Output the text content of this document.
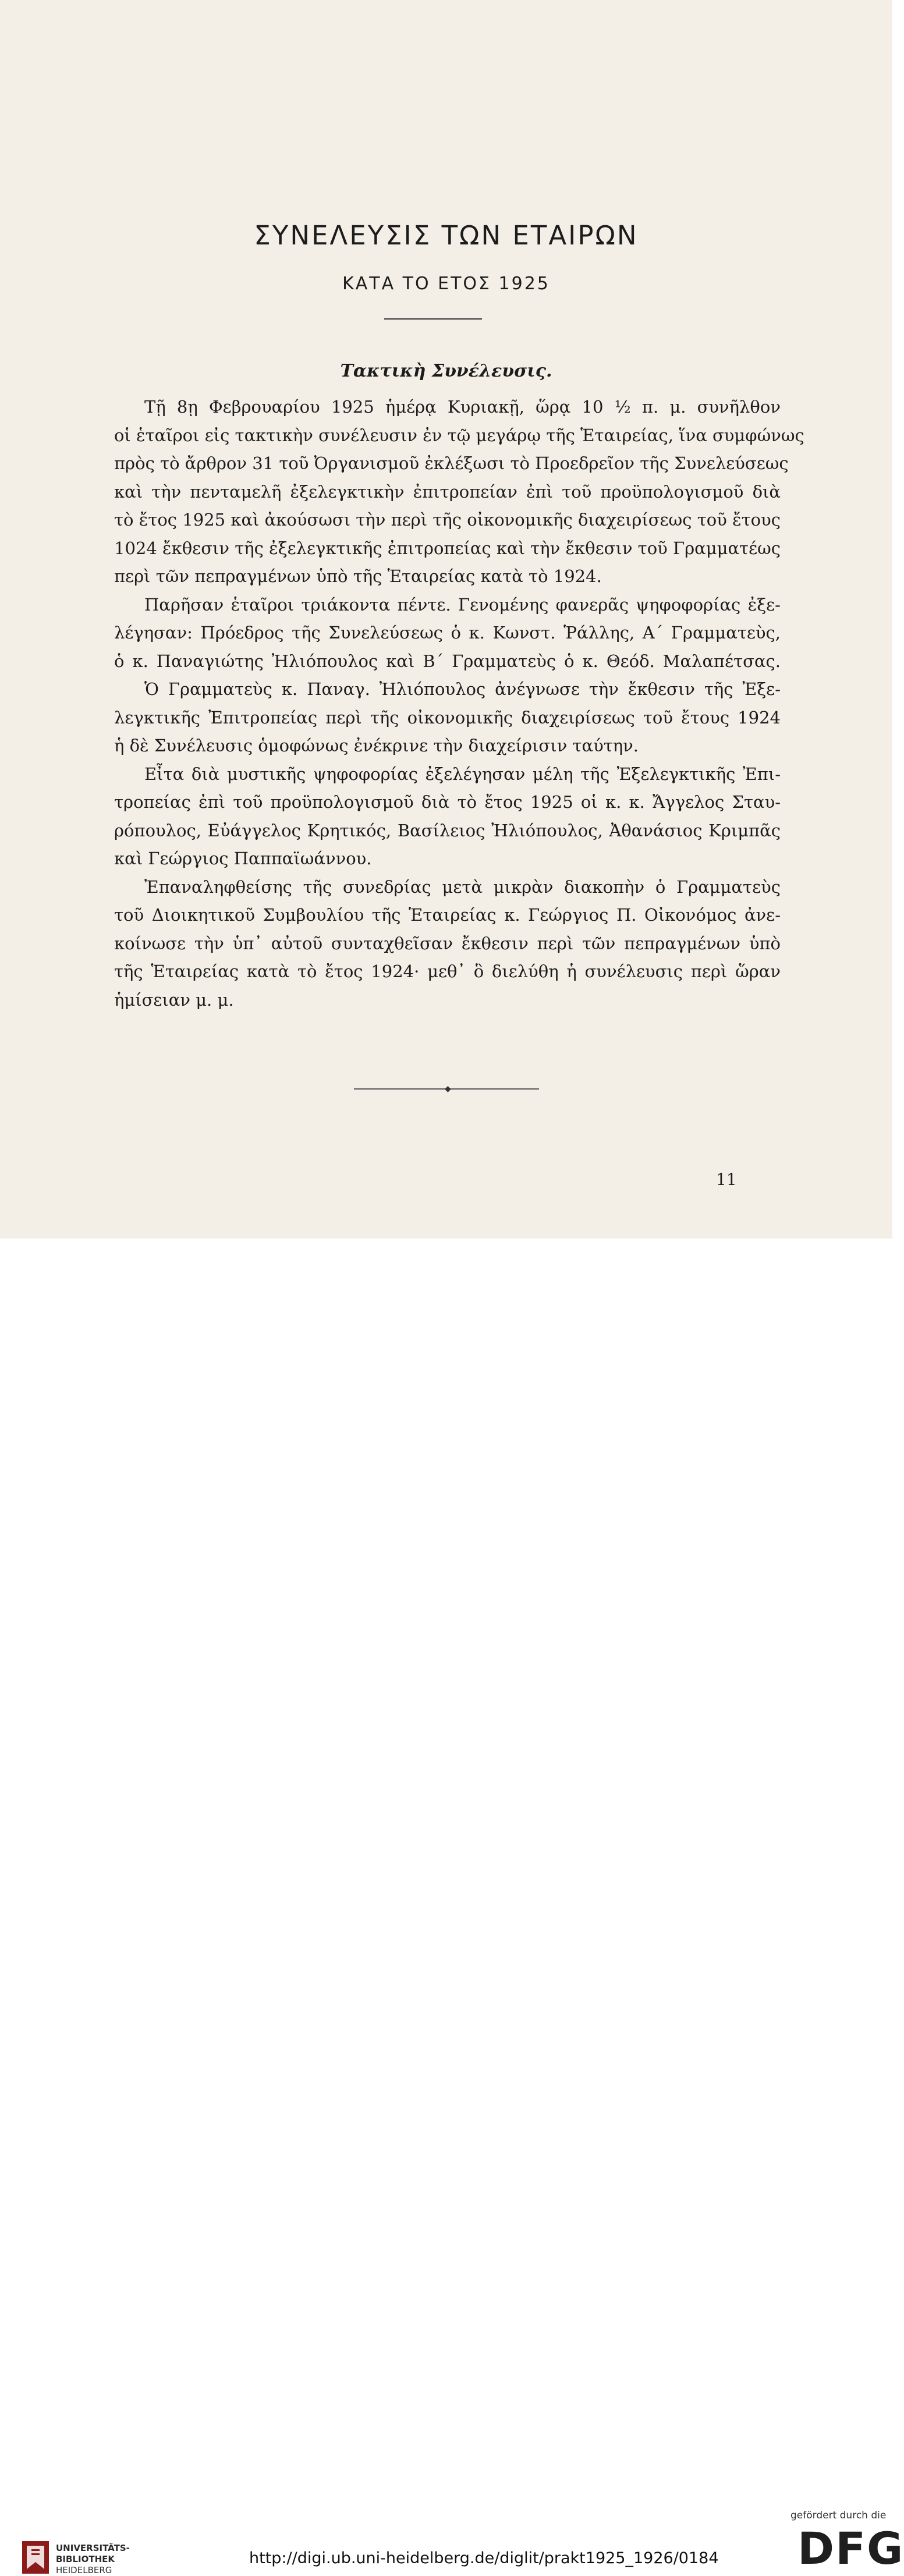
ΣΥΝΕΛΕΥΣΙΣ ΤΩΝ ΕΤΑΙΡΩΝ
ΚΑΤΑ ΤΟ ΕΤΟΣ 1925
Τακτικὴ Συνέλευσις.
Τῇ 8ῃ Φεβρουαρίου 1925 ἡμέρᾳ Κυριακῇ, ὥρᾳ 10 ½ π. μ. συνῆλθον
οἱ ἑταῖροι εἰς τακτικὴν συνέλευσιν ἐν τῷ μεγάρῳ τῆς Ἑταιρείας, ἵνα συμφώνως
πρὸς τὸ ἄρθρον 31 τοῦ Ὀργανισμοῦ ἐκλέξωσι τὸ Προεδρεῖον τῆς Συνελεύσεως
καὶ τὴν πενταμελῆ ἐξελεγκτικὴν ἐπιτροπείαν ἐπὶ τοῦ προϋπολογισμοῦ διὰ
τὸ ἔτος 1925 καὶ ἀκούσωσι τὴν περὶ τῆς οἰκονομικῆς διαχειρίσεως τοῦ ἔτους
1024 ἔκθεσιν τῆς ἐξελεγκτικῆς ἐπιτροπείας καὶ τὴν ἔκθεσιν τοῦ Γραμματέως
περὶ τῶν πεπραγμένων ὑπὸ τῆς Ἑταιρείας κατὰ τὸ 1924.
Παρῆσαν ἑταῖροι τριάκοντα πέντε. Γενομένης φανερᾶς ψηφοφορίας ἐξε-
λέγησαν: Πρόεδρος τῆς Συνελεύσεως ὁ κ. Κωνστ. Ῥάλλης, Α´ Γραμματεὺς,
ὁ κ. Παναγιώτης Ἠλιόπουλος καὶ Β´ Γραμματεὺς ὁ κ. Θεόδ. Μαλαπέτσας.
Ὁ Γραμματεὺς κ. Παναγ. Ἠλιόπουλος ἀνέγνωσε τὴν ἔκθεσιν τῆς Ἐξε-
λεγκτικῆς Ἐπιτροπείας περὶ τῆς οἰκονομικῆς διαχειρίσεως τοῦ ἔτους 1924
ἡ δὲ Συνέλευσις ὁμοφώνως ἐνέκρινε τὴν διαχείρισιν ταύτην.
Εἶτα διὰ μυστικῆς ψηφοφορίας ἐξελέγησαν μέλη τῆς Ἐξελεγκτικῆς Ἐπι-
τροπείας ἐπὶ τοῦ προϋπολογισμοῦ διὰ τὸ ἔτος 1925 οἱ κ. κ. Ἄγγελος Σταυ-
ρόπουλος, Εὐάγγελος Κρητικός, Βασίλειος Ἠλιόπουλος, Ἀθανάσιος Κριμπᾶς
καὶ Γεώργιος Παππαϊωάννου.
Ἐπαναληφθείσης τῆς συνεδρίας μετὰ μικρὰν διακοπὴν ὁ Γραμματεὺς
τοῦ Διοικητικοῦ Συμβουλίου τῆς Ἑταιρείας κ. Γεώργιος Π. Οἰκονόμος ἀνε-
κοίνωσε τὴν ὑπ᾽ αὐτοῦ συνταχθεῖσαν ἔκθεσιν περὶ τῶν πεπραγμένων ὑπὸ
τῆς Ἑταιρείας κατὰ τὸ ἔτος 1924· μεθ᾽ ὃ διελύθη ἡ συνέλευσις περὶ ὥραν
ἡμίσειαν μ. μ.
◆
11
UNIVERSITÄTS-
BIBLIOTHEK
HEIDELBERG
http://digi.ub.uni-heidelberg.de/diglit/prakt1925_1926/0184
gefördert durch die
DFG
